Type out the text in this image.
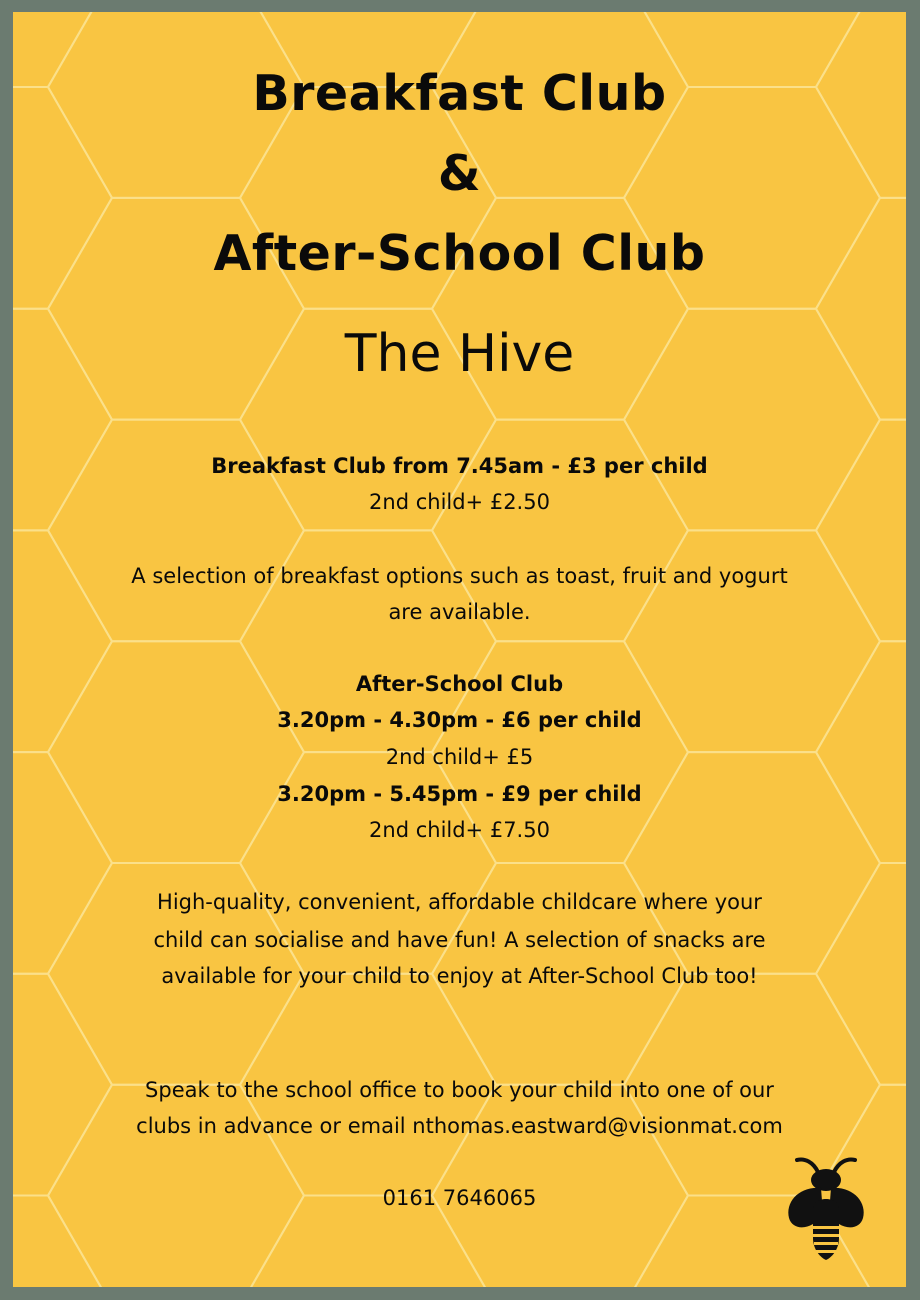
Breakfast Club
&
After-School Club
The Hive
Breakfast Club from 7.45am - £3 per child
2nd child+ £2.50
A selection of breakfast options such as toast, fruit and yogurt
are available.
After-School Club
3.20pm - 4.30pm - £6 per child
2nd child+ £5
3.20pm - 5.45pm - £9 per child
2nd child+ £7.50
High-quality, convenient, affordable childcare where your
child can socialise and have fun! A selection of snacks are
available for your child to enjoy at After-School Club too!
Speak to the school office to book your child into one of our
clubs in advance or email nthomas.eastward@visionmat.com
0161 7646065
